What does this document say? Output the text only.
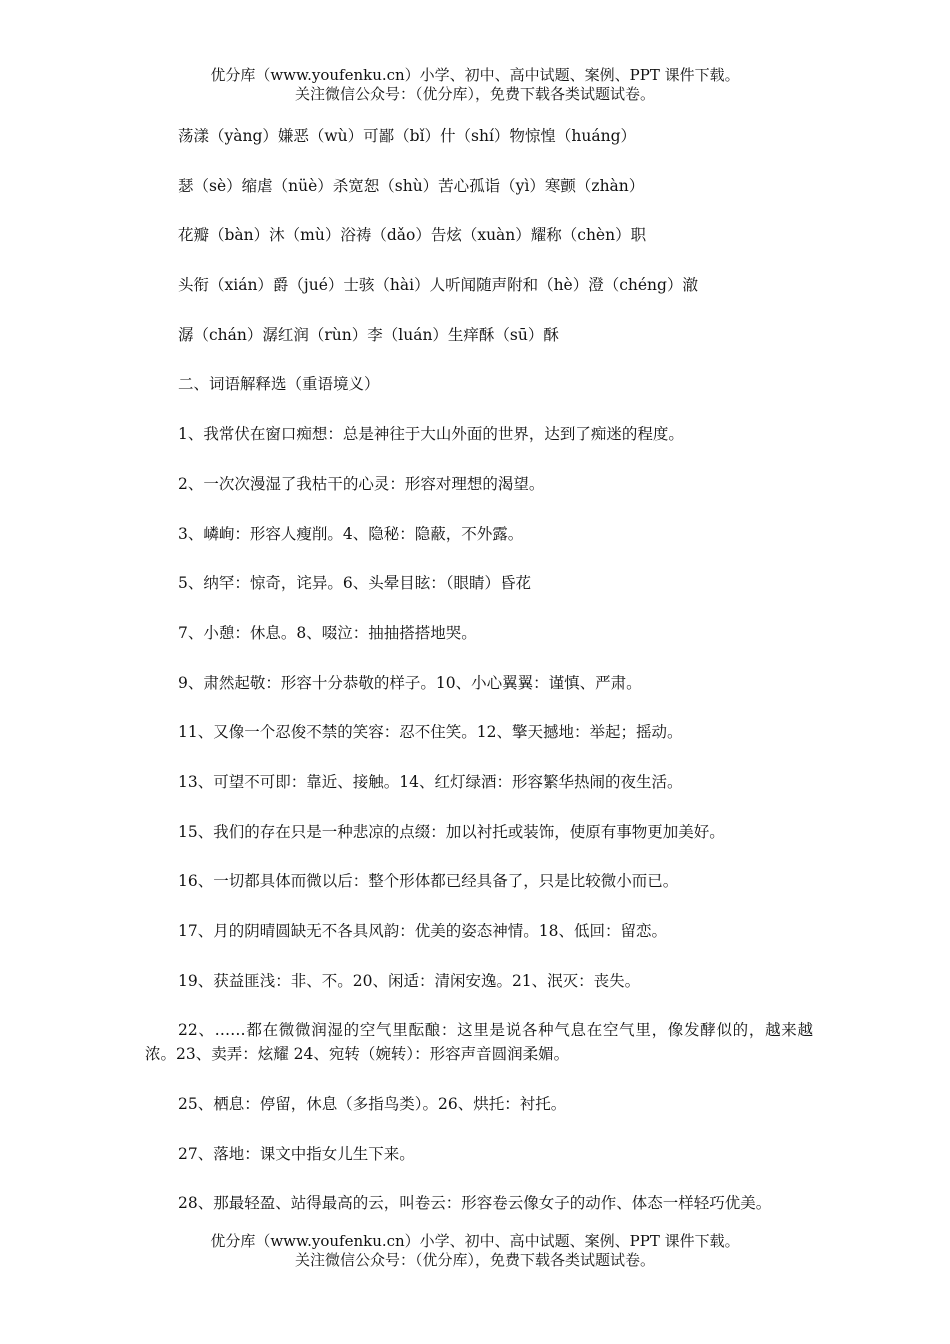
优分库（www.youfenku.cn）小学、初中、高中试题、案例、PPT 课件下载。
关注微信公众号：（优分库），免费下载各类试题试卷。

荡漾（yàng）嫌恶（wù）可鄙（bǐ）什（shí）物惊惶（huáng）

瑟（sè）缩虐（nüè）杀宽恕（shù）苦心孤诣（yì）寒颤（zhàn）

花瓣（bàn）沐（mù）浴祷（dǎo）告炫（xuàn）耀称（chèn）职

头衔（xián）爵（jué）士骇（hài）人听闻随声附和（hè）澄（chéng）澈

潺（chán）潺红润（rùn）李（luán）生痒酥（sū）酥

二、词语解释选（重语境义）

1、我常伏在窗口痴想：总是神往于大山外面的世界，达到了痴迷的程度。

2、一次次漫湿了我枯干的心灵：形容对理想的渴望。

3、嶙峋：形容人瘦削。4、隐秘：隐蔽，不外露。

5、纳罕：惊奇，诧异。6、头晕目眩：（眼睛）昏花

7、小憩：休息。8、啜泣：抽抽搭搭地哭。

9、肃然起敬：形容十分恭敬的样子。10、小心翼翼：谨慎、严肃。

11、又像一个忍俊不禁的笑容：忍不住笑。12、擎天撼地：举起；摇动。

13、可望不可即：靠近、接触。14、红灯绿酒：形容繁华热闹的夜生活。

15、我们的存在只是一种悲凉的点缀：加以衬托或装饰，使原有事物更加美好。

16、一切都具体而微以后：整个形体都已经具备了，只是比较微小而已。

17、月的阴晴圆缺无不各具风韵：优美的姿态神情。18、低回：留恋。

19、获益匪浅：非、不。20、闲适：清闲安逸。21、泯灭：丧失。

22、……都在微微润湿的空气里酝酿：这里是说各种气息在空气里，像发酵似的，越来越浓。23、卖弄：炫耀 24、宛转（婉转）：形容声音圆润柔媚。

25、栖息：停留，休息（多指鸟类）。26、烘托：衬托。

27、落地：课文中指女儿生下来。

28、那最轻盈、站得最高的云，叫卷云：形容卷云像女子的动作、体态一样轻巧优美。

优分库（www.youfenku.cn）小学、初中、高中试题、案例、PPT 课件下载。
关注微信公众号：（优分库），免费下载各类试题试卷。
